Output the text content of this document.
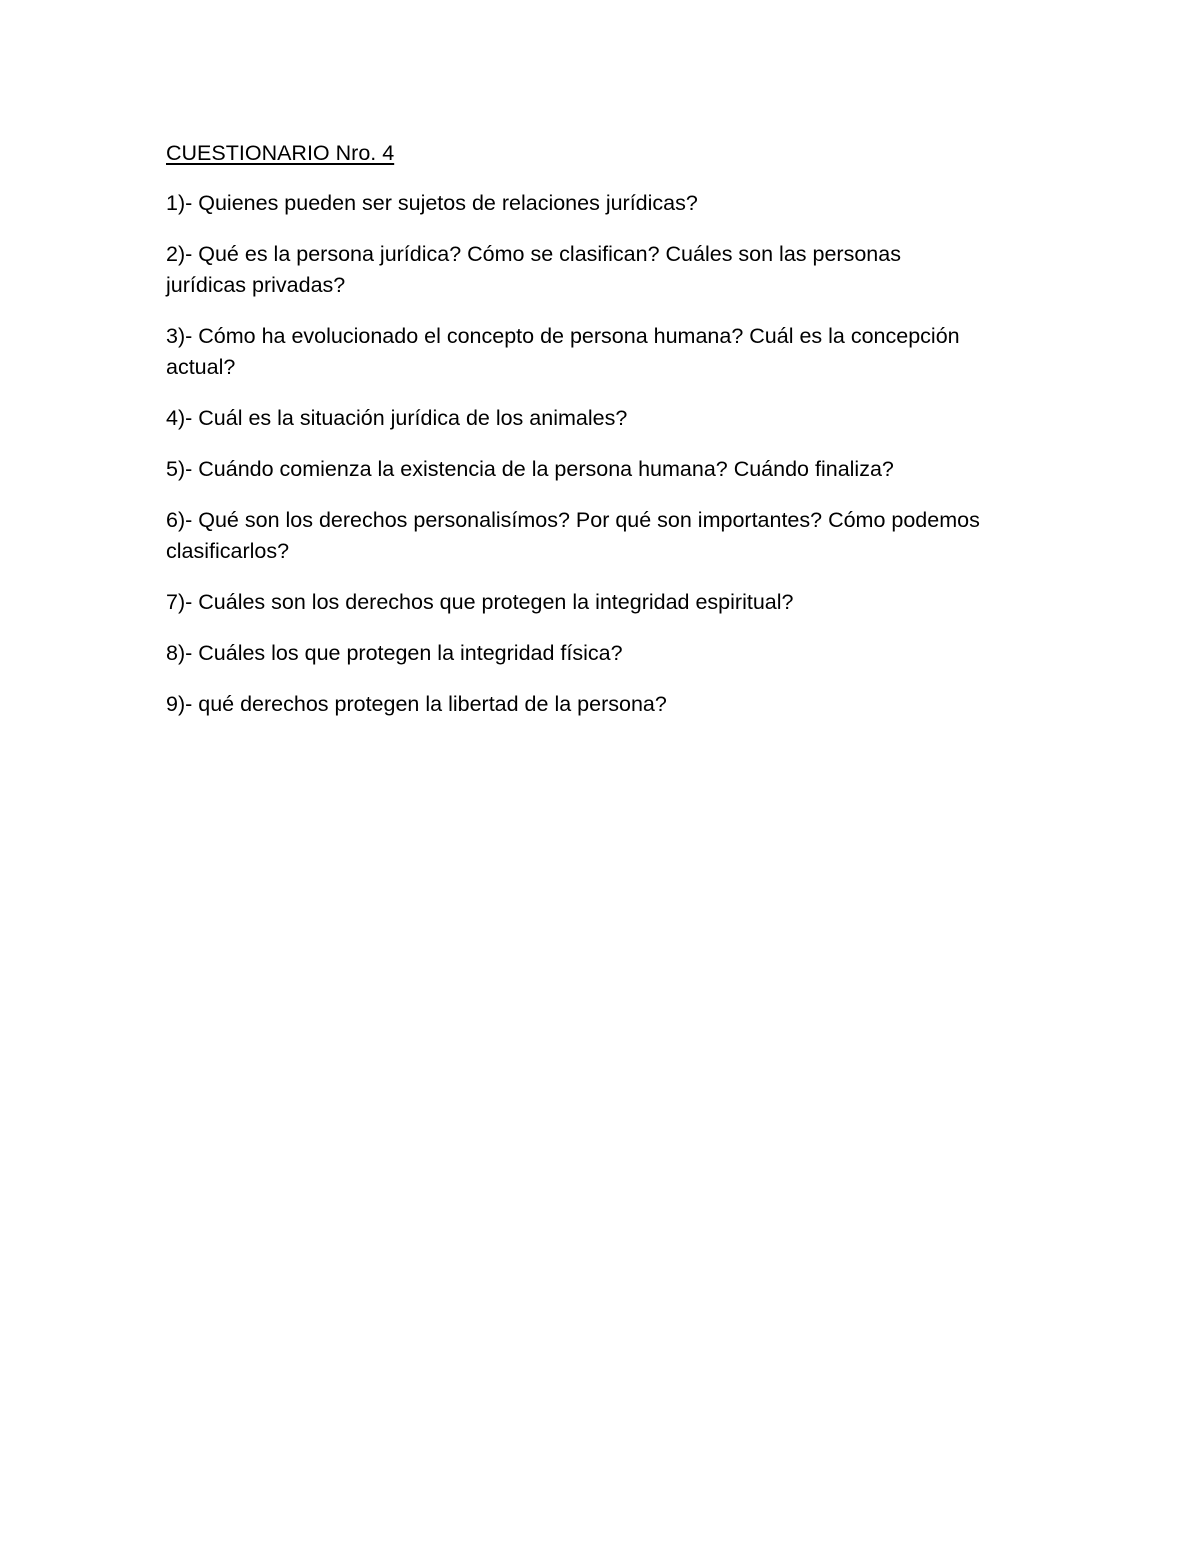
CUESTIONARIO Nro. 4
1)- Quienes pueden ser sujetos de relaciones jurídicas?
2)- Qué es la persona jurídica? Cómo se clasifican? Cuáles son las personas jurídicas privadas?
3)- Cómo ha evolucionado el concepto de persona humana? Cuál es la concepción actual?
4)- Cuál es la situación jurídica de los animales?
5)- Cuándo comienza la existencia de la persona humana? Cuándo finaliza?
6)- Qué son los derechos personalisímos? Por qué son importantes? Cómo podemos clasificarlos?
7)- Cuáles son los derechos que protegen la integridad espiritual?
8)- Cuáles los que protegen la integridad física?
9)- qué derechos protegen la libertad de la persona?
